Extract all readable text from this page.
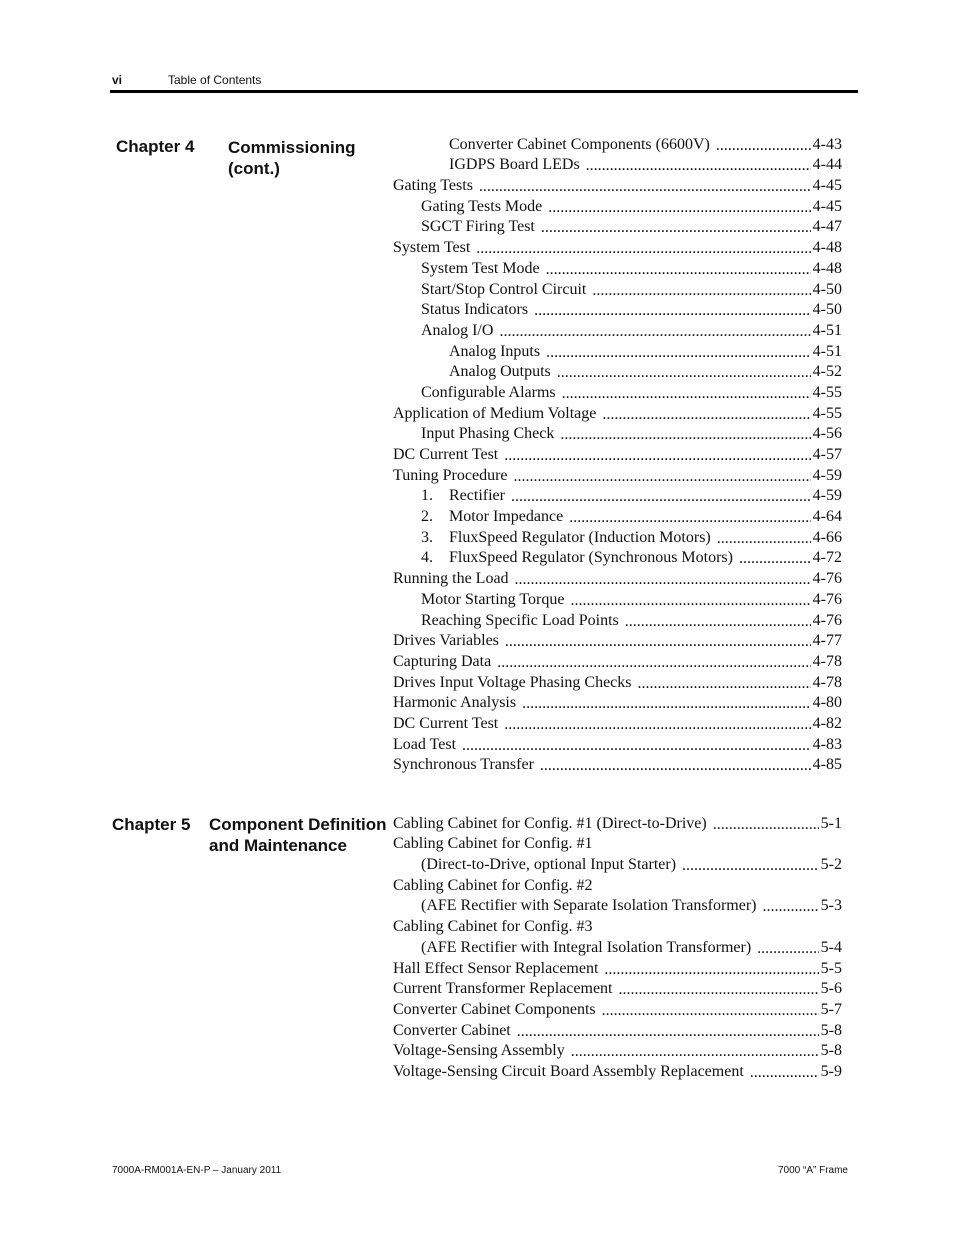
vi	Table of Contents
Chapter 4 Commissioning
(cont.)
Converter Cabinet Components (6600V) .....	4-43
IGDPS Board LEDs .....	4-44
Gating Tests .....	4-45
Gating Tests Mode .....	4-45
SGCT Firing Test .....	4-47
System Test .....	4-48
System Test Mode .....	4-48
Start/Stop Control Circuit .....	4-50
Status Indicators .....	4-50
Analog I/O .....	4-51
Analog Inputs .....	4-51
Analog Outputs .....	4-52
Configurable Alarms .....	4-55
Application of Medium Voltage .....	4-55
Input Phasing Check .....	4-56
DC Current Test .....	4-57
Tuning Procedure .....	4-59
1. Rectifier .....	4-59
2. Motor Impedance .....	4-64
3. FluxSpeed Regulator (Induction Motors) .....	4-66
4. FluxSpeed Regulator (Synchronous Motors) .....	4-72
Running the Load .....	4-76
Motor Starting Torque .....	4-76
Reaching Specific Load Points .....	4-76
Drives Variables .....	4-77
Capturing Data .....	4-78
Drives Input Voltage Phasing Checks .....	4-78
Harmonic Analysis .....	4-80
DC Current Test .....	4-82
Load Test .....	4-83
Synchronous Transfer .....	4-85
Chapter 5 Component Definition
and Maintenance
Cabling Cabinet for Config. #1 (Direct-to-Drive) .....	5-1
Cabling Cabinet for Config. #1
(Direct-to-Drive, optional Input Starter) .....	5-2
Cabling Cabinet for Config. #2
(AFE Rectifier with Separate Isolation Transformer) .....	5-3
Cabling Cabinet for Config. #3
(AFE Rectifier with Integral Isolation Transformer) .....	5-4
Hall Effect Sensor Replacement .....	5-5
Current Transformer Replacement .....	5-6
Converter Cabinet Components .....	5-7
Converter Cabinet .....	5-8
Voltage-Sensing Assembly .....	5-8
Voltage-Sensing Circuit Board Assembly Replacement .....	5-9
7000A-RM001A-EN-P – January 2011	7000 “A” Frame
